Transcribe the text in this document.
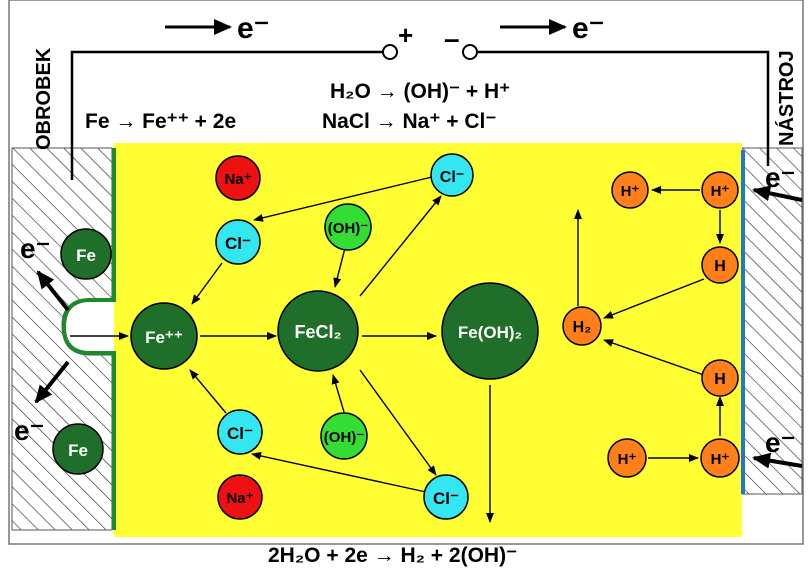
+ –
e⁻	e⁻
OBROBEK	NÁSTROJ
H₂O → (OH)⁻ + H⁺
NaCl → Na⁺ + Cl⁻
Fe → Fe⁺⁺ + 2e
2H₂O + 2e → H₂ + 2(OH)⁻
e⁻
e⁻
e⁻
e⁻
Fe
Fe
Na⁺
Na⁺
Cl⁻
Cl⁻
Cl⁻
Cl⁻
(OH)⁻
(OH)⁻
Fe⁺⁺	FeCl₂	Fe(OH)₂
H⁺	H⁺
H
H₂
H
H⁺	H⁺
